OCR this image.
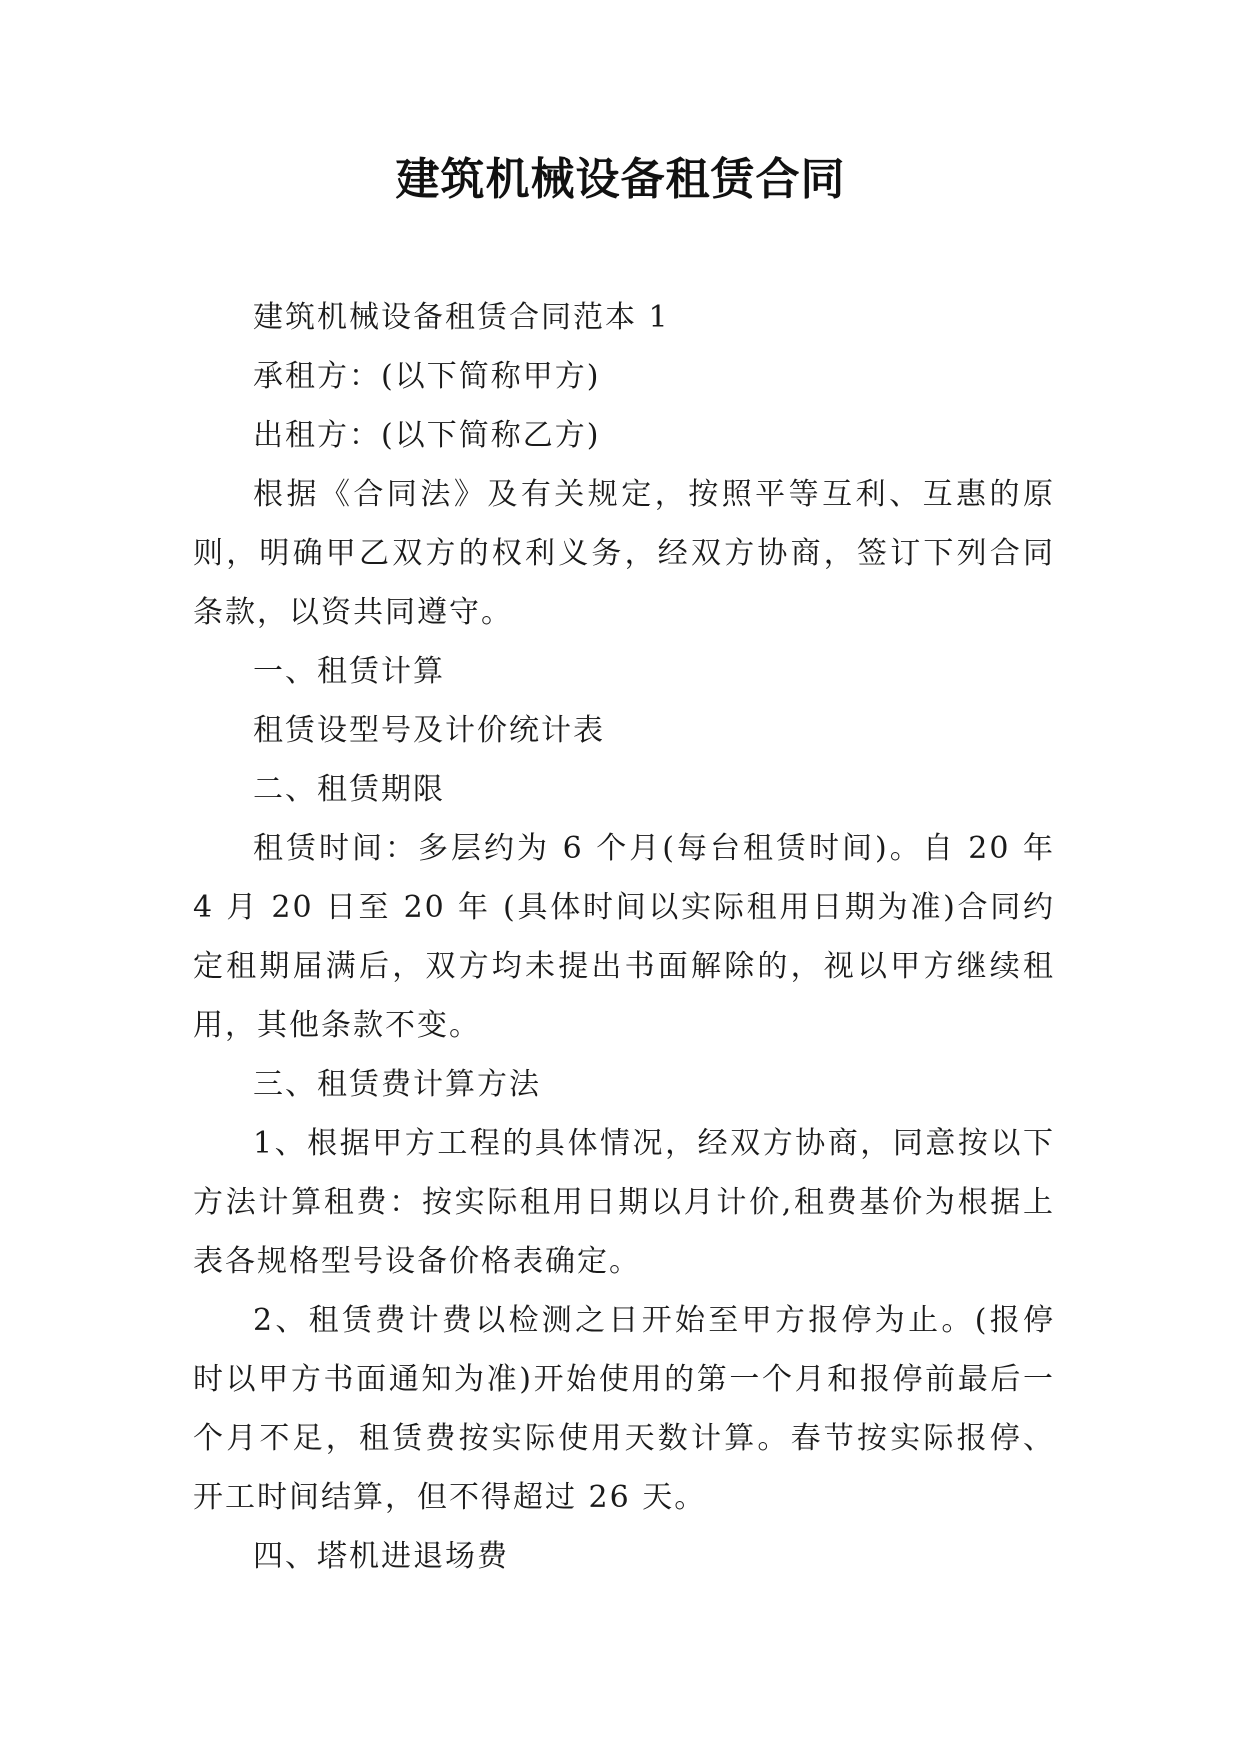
建筑机械设备租赁合同

建筑机械设备租赁合同范本 1

承租方：(以下简称甲方)

出租方：(以下简称乙方)

根据《合同法》及有关规定，按照平等互利、互惠的原则，明确甲乙双方的权利义务，经双方协商，签订下列合同条款，以资共同遵守。

一、租赁计算

租赁设型号及计价统计表

二、租赁期限

租赁时间：多层约为 6 个月(每台租赁时间)。自 20 年 4 月 20 日至 20 年 (具体时间以实际租用日期为准)合同约定租期届满后，双方均未提出书面解除的，视以甲方继续租用，其他条款不变。

三、租赁费计算方法

1、根据甲方工程的具体情况，经双方协商，同意按以下方法计算租费：按实际租用日期以月计价,租费基价为根据上表各规格型号设备价格表确定。

2、租赁费计费以检测之日开始至甲方报停为止。(报停时以甲方书面通知为准)开始使用的第一个月和报停前最后一个月不足，租赁费按实际使用天数计算。春节按实际报停、开工时间结算，但不得超过 26 天。

四、塔机进退场费
